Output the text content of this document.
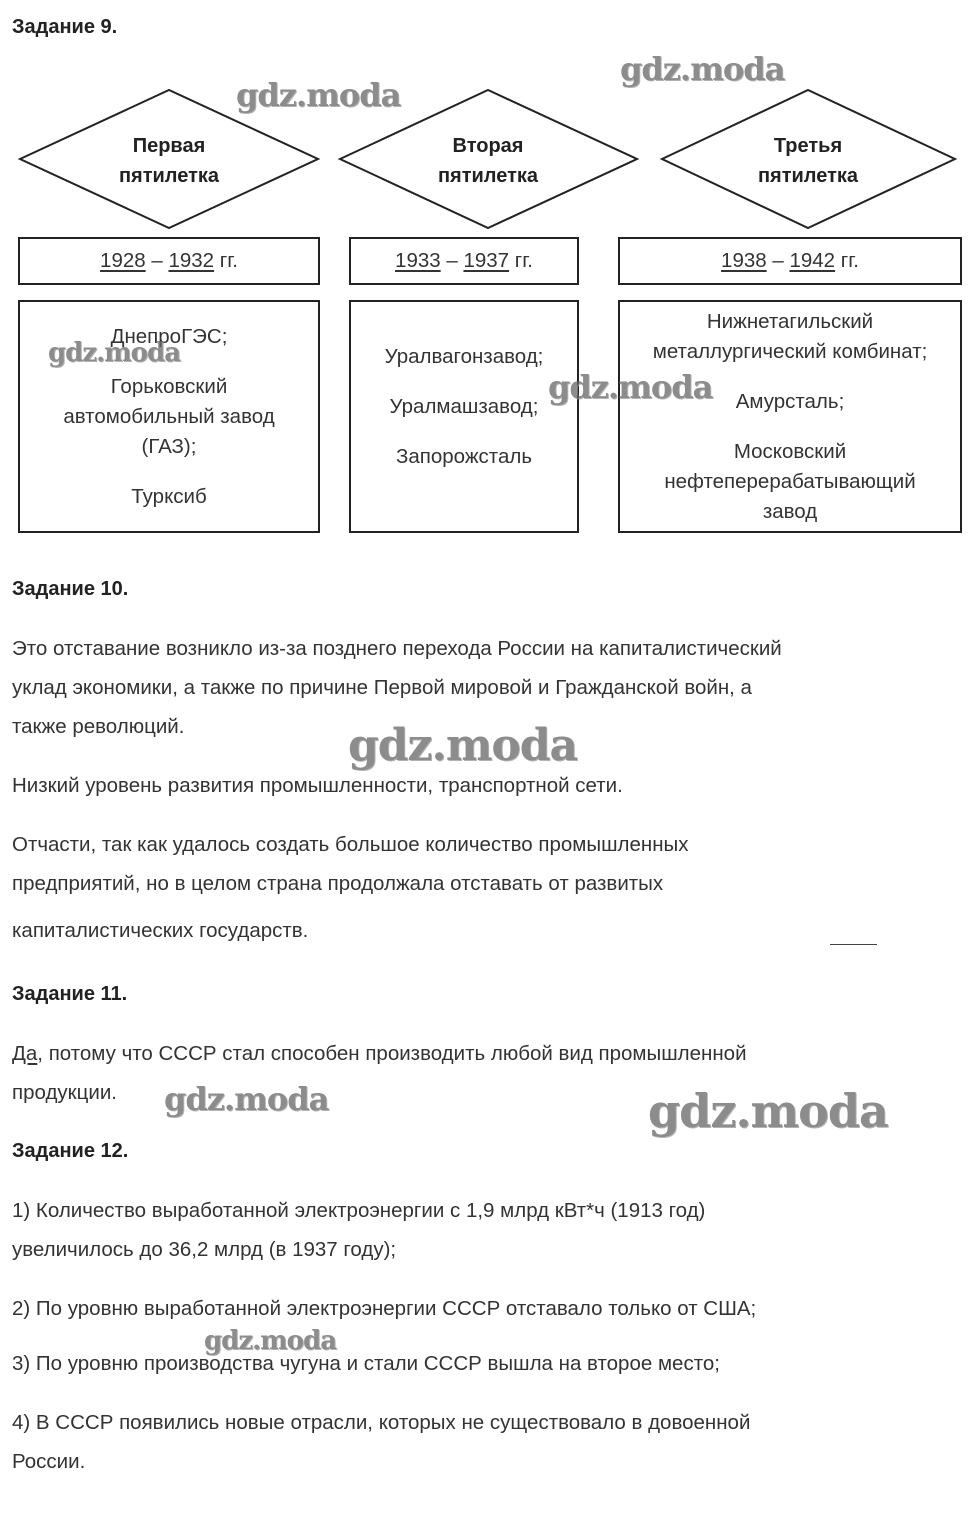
Задание 9.
Первая
пятилетка
Вторая
пятилетка
Третья
пятилетка
1928
–
1932
гг.	1933
–
1937
гг.	1938
–
1942
гг.
ДнепроГЭС;
Горьковский
автомобильный завод
(ГАЗ);
Турксиб
Уралвагонзавод;
Уралмашзавод;
Запорожсталь
Нижнетагильский
металлургический комбинат;
Амурсталь;
Московский
нефтеперерабатывающий
завод
Задание 10.
Это отставание возникло из-за позднего перехода России на капиталистический
уклад экономики, а также по причине Первой мировой и Гражданской войн, а
также революций.
Низкий уровень развития промышленности, транспортной сети.
Отчасти, так как удалось создать большое количество промышленных
предприятий, но в целом страна продолжала отставать от развитых
капиталистических государств.
Задание 11.
Да, потому что СССР стал способен производить любой вид промышленной
продукции.
Задание 12.
1) Количество выработанной электроэнергии с 1,9 млрд кВт*ч (1913 год)
увеличилось до 36,2 млрд (в 1937 году);
2) По уровню выработанной электроэнергии СССР отставало только от США;
3) По уровню производства чугуна и стали СССР вышла на второе место;
4) В СССР появились новые отрасли, которых не существовало в довоенной
России.
gdz.moda
gdz.moda
gdz.moda
gdz.moda
gdz.moda
gdz.moda	gdz.moda
gdz.moda
